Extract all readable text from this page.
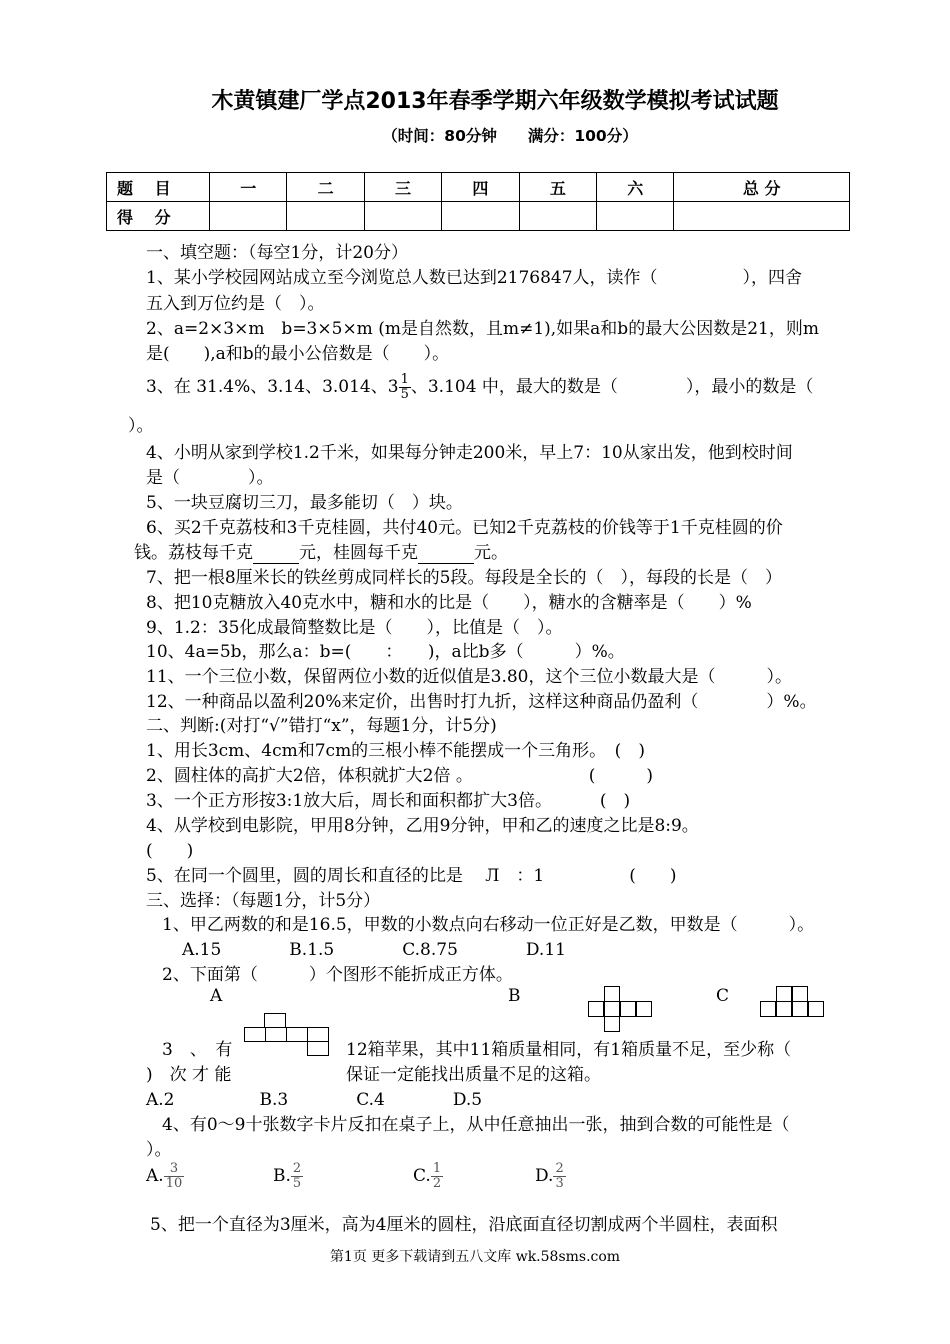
木黄镇建厂学点2013年春季学期六年级数学模拟考试试题
（时间：80分钟　　满分：100分）
题 目	一	二	三	四	五	六	总 分
得 分							
一、填空题：（每空1分，计20分）
1、某小学校园网站成立至今浏览总人数已达到2176847人，读作（　　　　　），四舍
五入到万位约是（　）。
2、a=2×3×m　b=3×5×m (m是自然数，且m≠1),如果a和b的最大公因数是21，则m
是(　　),a和b的最小公倍数是（　　）。
3、在 31.4%、3.14、3.014、$3 \frac{1}{5}$ 、3.104 中，最大的数是（　　　　），最小的数是（
）。
4、小明从家到学校1.2千米，如果每分钟走200米，早上7：10从家出发，他到校时间
是（　　　　）。
5、一块豆腐切三刀，最多能切（　）块。
6、买2千克荔枝和3千克桂圆，共付40元。已知2千克荔枝的价钱等于1千克桂圆的价
钱。荔枝每千克	元，桂圆每千克	元。
7、把一根8厘米长的铁丝剪成同样长的5段。每段是全长的（　），每段的长是（　）
8、把10克糖放入40克水中，糖和水的比是（　　），糖水的含糖率是（　　）%
9、1.2：35化成最简整数比是（　　），比值是（　）。
10、4a=5b，那么a：b=(　　：　　)，a比b多（　　　）%。
11、一个三位小数，保留两位小数的近似值是3.80，这个三位小数最大是（　　　）。
12、一种商品以盈利20%来定价，出售时打九折，这样这种商品仍盈利（　　　　）%。
二、判断:(对打“√”错打“x”，每题1分，计5分)
1、用长3cm、4cm和7cm的三根小棒不能摆成一个三角形。　(　)
2、圆柱体的高扩大2倍，体积就扩大2倍 。　　　　　　　 (　　　)
3、一个正方形按3:1放大后，周长和面积都扩大3倍。　　　 (　)
4、从学校到电影院，甲用8分钟，乙用9分钟，甲和乙的速度之比是8:9。
(　　)
5、在同一个圆里，圆的周长和直径的比是　 Л　：1　　　　　(　　)
三、选择：（每题1分，计5分）
1、甲乙两数的和是16.5，甲数的小数点向右移动一位正好是乙数，甲数是（　　　）。
A.15　　　　B.1.5　　　　C.8.75　　　　D.11
2、下面第（　　　）个图形不能折成正方体。
A	B	C
3　、　有	12箱苹果，其中11箱质量相同，有1箱质量不足，至少称（
)　次 才 能	保证一定能找出质量不足的这箱。
A.2　　　　　B.3　　　　C.4　　　　D.5
4、有0～9十张数字卡片反扣在桌子上，从中任意抽出一张，抽到合数的可能性是（
）。
A. $\frac{3}{10}$	B. $\frac{2}{5}$	C. $\frac{1}{2}$	D. $\frac{2}{3}$
5、把一个直径为3厘米，高为4厘米的圆柱，沿底面直径切割成两个半圆柱，表面积
第1页 更多下载请到五八文库 wk.58sms.com
